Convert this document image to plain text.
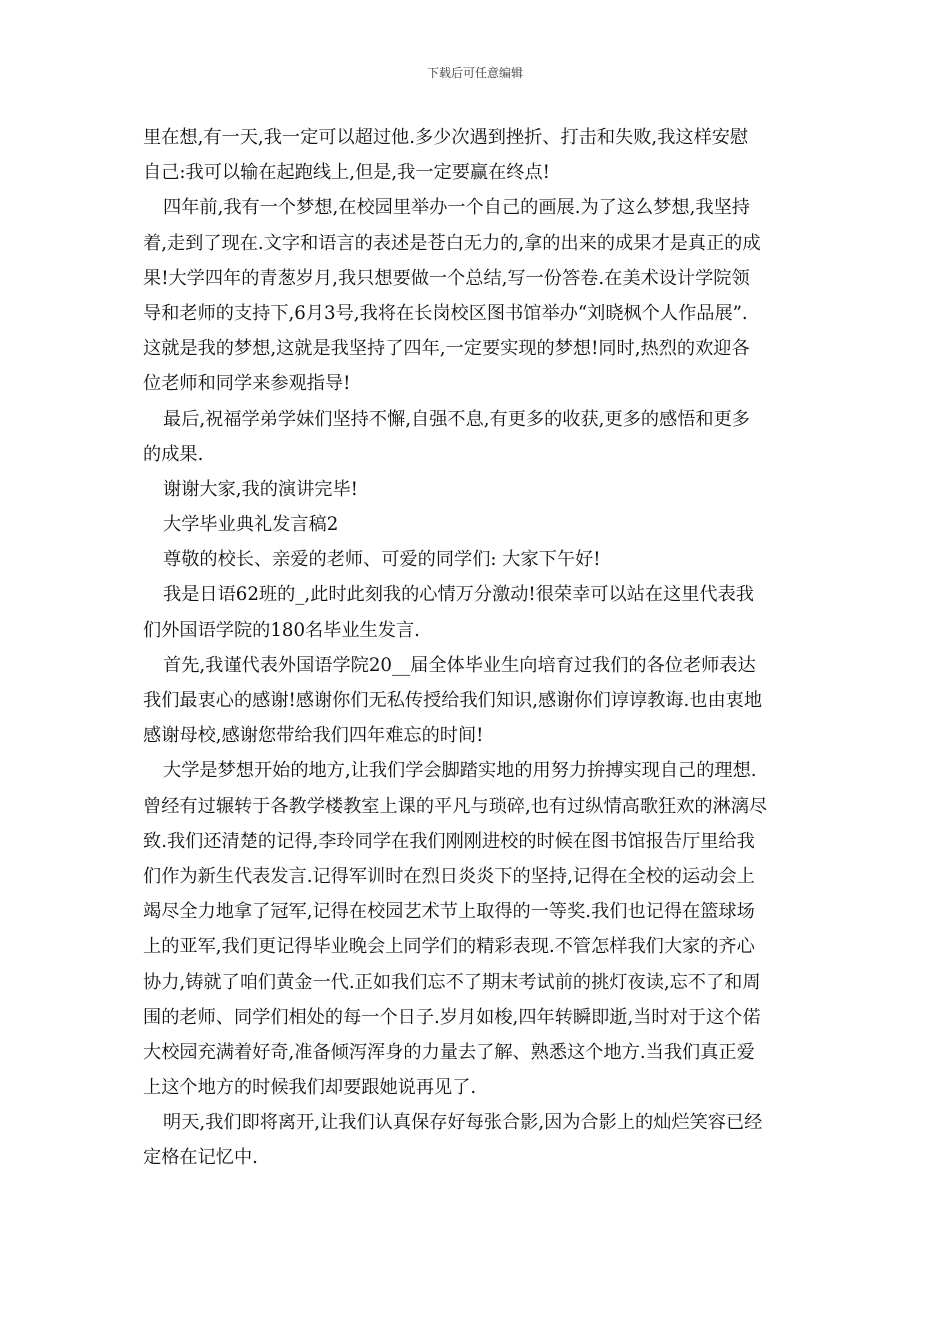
下载后可任意编辑
里在想,有一天,我一定可以超过他.多少次遇到挫折、打击和失败,我这样安慰
自己:我可以输在起跑线上,但是,我一定要赢在终点!
四年前,我有一个梦想,在校园里举办一个自己的画展.为了这么梦想,我坚持
着,走到了现在.文字和语言的表述是苍白无力的,拿的出来的成果才是真正的成
果!大学四年的青葱岁月,我只想要做一个总结,写一份答卷.在美术设计学院领
导和老师的支持下,6月3号,我将在长岗校区图书馆举办“刘晓枫个人作品展”.
这就是我的梦想,这就是我坚持了四年,一定要实现的梦想!同时,热烈的欢迎各
位老师和同学来参观指导!
最后,祝福学弟学妹们坚持不懈,自强不息,有更多的收获,更多的感悟和更多
的成果.
谢谢大家,我的演讲完毕!
大学毕业典礼发言稿2
尊敬的校长、亲爱的老师、可爱的同学们: 大家下午好!
我是日语62班的_,此时此刻我的心情万分激动!很荣幸可以站在这里代表我
们外国语学院的180名毕业生发言.
首先,我谨代表外国语学院20__届全体毕业生向培育过我们的各位老师表达
我们最衷心的感谢!感谢你们无私传授给我们知识,感谢你们谆谆教诲.也由衷地
感谢母校,感谢您带给我们四年难忘的时间!
大学是梦想开始的地方,让我们学会脚踏实地的用努力拚搏实现自己的理想.
曾经有过辗转于各教学楼教室上课的平凡与琐碎,也有过纵情高歌狂欢的淋漓尽
致.我们还清楚的记得,李玲同学在我们刚刚进校的时候在图书馆报告厅里给我
们作为新生代表发言.记得军训时在烈日炎炎下的坚持,记得在全校的运动会上
竭尽全力地拿了冠军,记得在校园艺术节上取得的一等奖.我们也记得在篮球场
上的亚军,我们更记得毕业晚会上同学们的精彩表现.不管怎样我们大家的齐心
协力,铸就了咱们黄金一代.正如我们忘不了期末考试前的挑灯夜读,忘不了和周
围的老师、同学们相处的每一个日子.岁月如梭,四年转瞬即逝,当时对于这个偌
大校园充满着好奇,准备倾泻浑身的力量去了解、熟悉这个地方.当我们真正爱
上这个地方的时候我们却要跟她说再见了.
明天,我们即将离开,让我们认真保存好每张合影,因为合影上的灿烂笑容已经
定格在记忆中.
